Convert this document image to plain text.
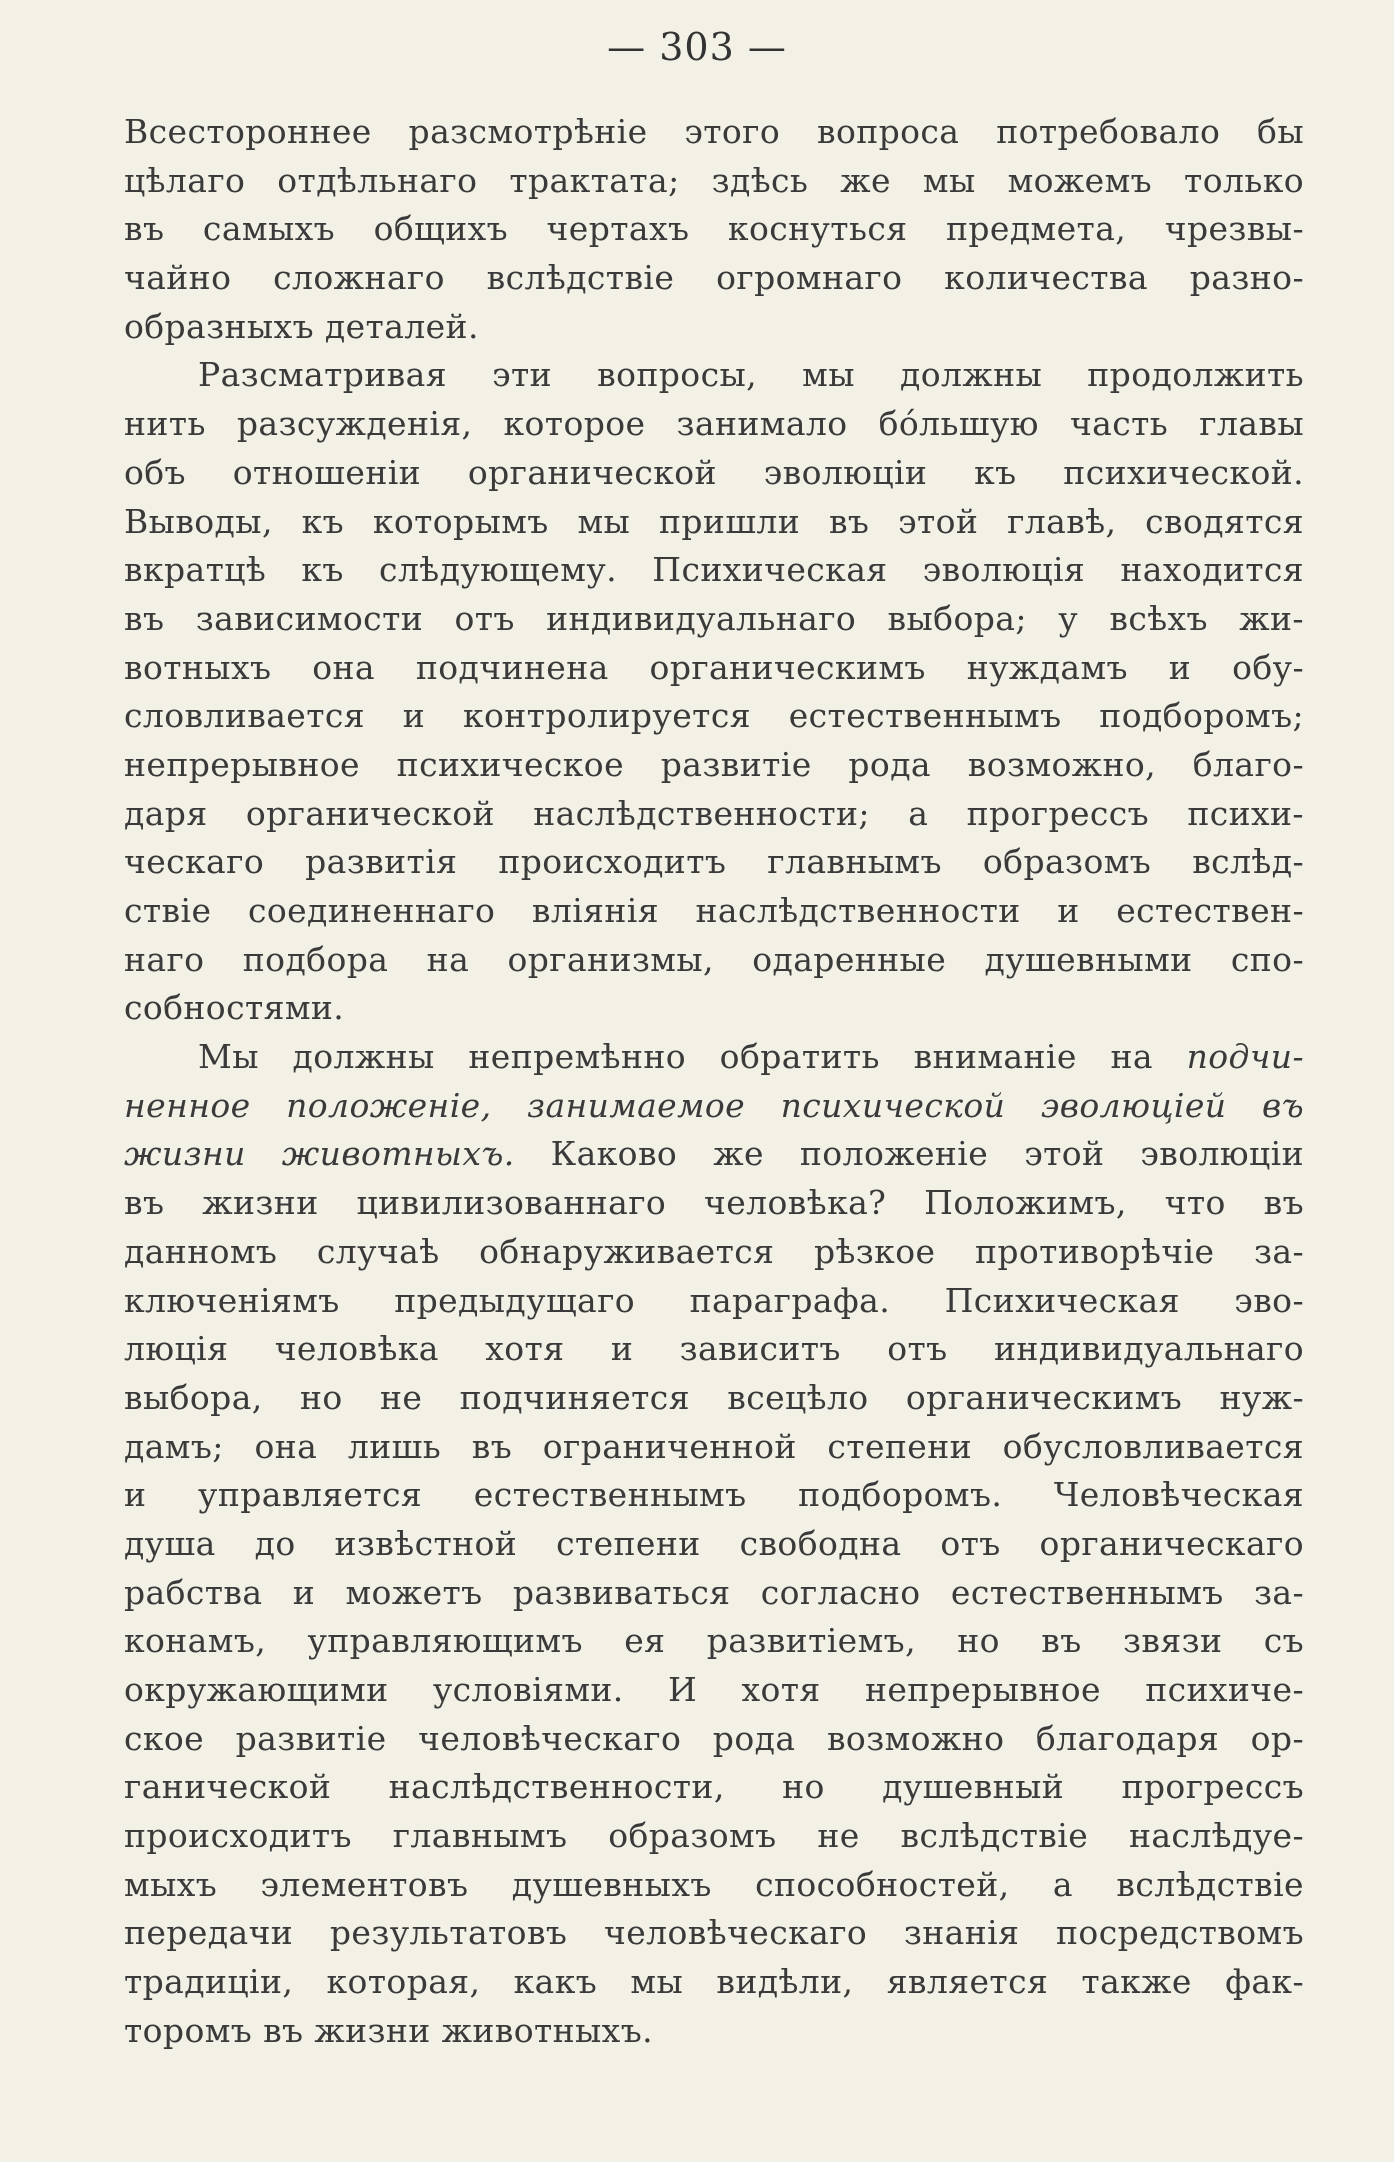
— 303 —
Всестороннее разсмотрѣніе этого вопроса потребовало бы
цѣлаго отдѣльнаго трактата; здѣсь же мы можемъ только
въ самыхъ общихъ чертахъ коснуться предмета, чрезвы-
чайно сложнаго вслѣдствіе огромнаго количества разно-
образныхъ деталей.
Разсматривая эти вопросы, мы должны продолжить
нить разсужденія, которое занимало бόльшую часть главы
объ отношеніи органической эволюціи къ психической.
Выводы, къ которымъ мы пришли въ этой главѣ, сводятся
вкратцѣ къ слѣдующему. Психическая эволюція находится
въ зависимости отъ индивидуальнаго выбора; у всѣхъ жи-
вотныхъ она подчинена органическимъ нуждамъ и обу-
словливается и контролируется естественнымъ подборомъ;
непрерывное психическое развитіе рода возможно, благо-
даря органической наслѣдственности; а прогрессъ психи-
ческаго развитія происходитъ главнымъ образомъ вслѣд-
ствіе соединеннаго вліянія наслѣдственности и естествен-
наго подбора на организмы, одаренные душевными спо-
собностями.
Мы должны непремѣнно обратить вниманіе на подчи-
ненное положеніе, занимаемое психической эволюціей въ
жизни животныхъ. Каково же положеніе этой эволюціи
въ жизни цивилизованнаго человѣка? Положимъ, что въ
данномъ случаѣ обнаруживается рѣзкое противорѣчіе за-
ключеніямъ предыдущаго параграфа. Психическая эво-
люція человѣка хотя и зависитъ отъ индивидуальнаго
выбора, но не подчиняется всецѣло органическимъ нуж-
дамъ; она лишь въ ограниченной степени обусловливается
и управляется естественнымъ подборомъ. Человѣческая
душа до извѣстной степени свободна отъ органическаго
рабства и можетъ развиваться согласно естественнымъ за-
конамъ, управляющимъ ея развитіемъ, но въ звязи съ
окружающими условіями. И хотя непрерывное психиче-
ское развитіе человѣческаго рода возможно благодаря ор-
ганической наслѣдственности, но душевный прогрессъ
происходитъ главнымъ образомъ не вслѣдствіе наслѣдуе-
мыхъ элементовъ душевныхъ способностей, а вслѣдствіе
передачи результатовъ человѣческаго знанія посредствомъ
традиціи, которая, какъ мы видѣли, является также фак-
торомъ въ жизни животныхъ.
